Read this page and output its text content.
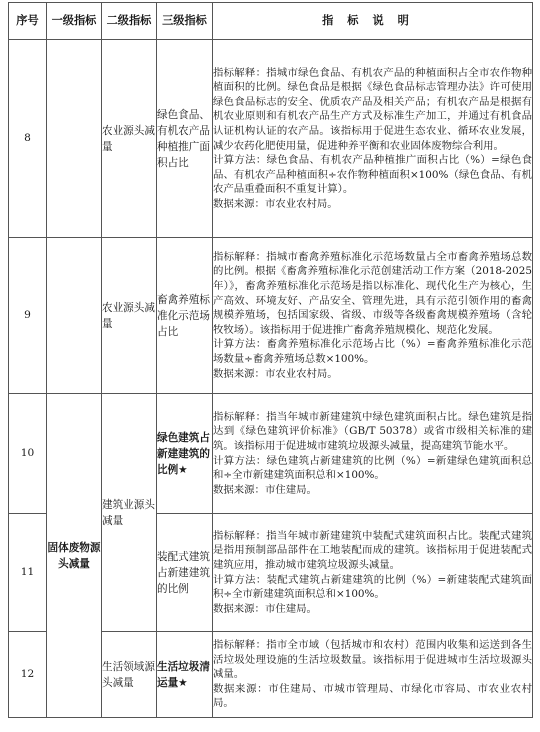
序号	一级指标	二级指标	三级指标	指标说明
8		农业源头减量	绿色食品、有机农产品种植推广面积占比	指标解释：指城市绿色食品、有机农产品的种植面积占全市农作物种植面积的比例。绿色食品是根据《绿色食品标志管理办法》许可使用绿色食品标志的安全、优质农产品及相关产品；有机农产品是根据有机农业原则和有机农产品生产方式及标准生产加工，并通过有机食品认证机构认证的农产品。该指标用于促进生态农业、循环农业发展，减少农药化肥使用量，促进种养平衡和农业固体废物综合利用。

计算方法：绿色食品、有机农产品种植推广面积占比（%）=绿色食品、有机农产品种植面积÷农作物种植面积×100%（绿色食品、有机农产品重叠面积不重复计算）。

数据来源：市农业农村局。

9		农业源头减量	畜禽养殖标准化示范场占比	指标解释：指城市畜禽养殖标准化示范场数量占全市畜禽养殖场总数的比例。根据《畜禽养殖标准化示范创建活动工作方案（2018-2025年）》，畜禽养殖标准化示范场是指以标准化、现代化生产为核心，生产高效、环境友好、产品安全、管理先进，具有示范引领作用的畜禽规模养殖场，包括国家级、省级、市级等各级畜禽规模养殖场（含轮牧牧场）。该指标用于促进推广畜禽养殖规模化、规范化发展。

计算方法：畜禽养殖标准化示范场占比（%）=畜禽养殖标准化示范场数量÷畜禽养殖场总数×100%。

数据来源：市农业农村局。

10	固体废物源头减量	建筑业源头减量	绿色建筑占新建建筑的比例★	指标解释：指当年城市新建建筑中绿色建筑面积占比。绿色建筑是指达到《绿色建筑评价标准》（GB/T 50378）或省市级相关标准的建筑。该指标用于促进城市建筑垃圾源头减量，提高建筑节能水平。

计算方法：绿色建筑占新建建筑的比例（%）=新建绿色建筑面积总和÷全市新建建筑面积总和×100%。

数据来源：市住建局。

11			装配式建筑占新建建筑的比例	指标解释：指当年城市新建建筑中装配式建筑面积占比。装配式建筑是指用预制部品部件在工地装配而成的建筑。该指标用于促进装配式建筑应用，推动城市建筑垃圾源头减量。

计算方法：装配式建筑占新建建筑的比例（%）=新建装配式建筑面积÷全市新建建筑面积总和×100%。

数据来源：市住建局。

12		生活领域源头减量	生活垃圾清运量★	指标解释：指市全市域（包括城市和农村）范围内收集和运送到各生活垃圾处理设施的生活垃圾数量。该指标用于促进城市生活垃圾源头减量。

数据来源：市住建局、市城市管理局、市绿化市容局、市农业农村局。
